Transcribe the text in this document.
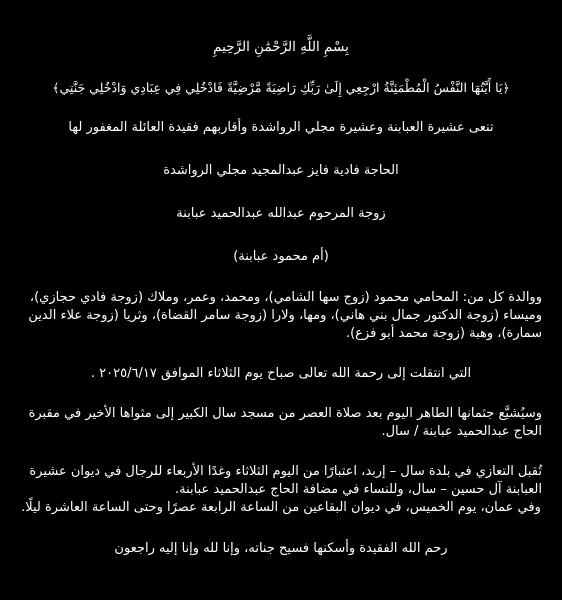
بِسْمِ اللَّهِ الرَّحْمَٰنِ الرَّحِيمِ

﴿يَا أَيَّتُهَا النَّفْسُ الْمُطْمَئِنَّةُ ارْجِعِي إِلَىٰ رَبِّكِ رَاضِيَةً مَّرْضِيَّةً فَادْخُلِي فِي عِبَادِي وَادْخُلِي جَنَّتِي﴾

تنعى عشيرة العبابنة وعشيرة مجلي الرواشدة وأقاربهم فقيدة العائلة المغفور لها

الحاجة فادية فايز عبدالمجيد مجلي الرواشدة

زوجة المرحوم عبدالله عبدالحميد عبابنة

(أم محمود عبابنة)

ووالدة كل من: المحامي محمود (زوج سها الشامي)، ومحمد، وعمر، وملاك (زوجة فادي حجازي)، وميساء (زوجة الدكتور جمال بني هاني)، ومها، ولارا (زوجة سامر القضاة)، وثريا (زوجة علاء الدين سمارة)، وهبة (زوجة محمد أبو فزع).

التي انتقلت إلى رحمة الله تعالى صباح يوم الثلاثاء الموافق ٢٠٢٥/٦/١٧ .

وسيُشيَّع جثمانها الطاهر اليوم بعد صلاة العصر من مسجد سال الكبير إلى مثواها الأخير في مقبرة الحاج عبدالحميد عبابنة / سال.

تُقبل التعازي في بلدة سال – إربد، اعتبارًا من اليوم الثلاثاء وغدًا الأربعاء للرجال في ديوان عشيرة العبابنة آل حسين – سال، وللنساء في مضافة الحاج عبدالحميد عبابنة.

وفي عمان، يوم الخميس، في ديوان البقاعين من الساعة الرابعة عصرًا وحتى الساعة العاشرة ليلًا.

رحم الله الفقيدة وأسكنها فسيح جناته، وإنا لله وإنا إليه راجعون
